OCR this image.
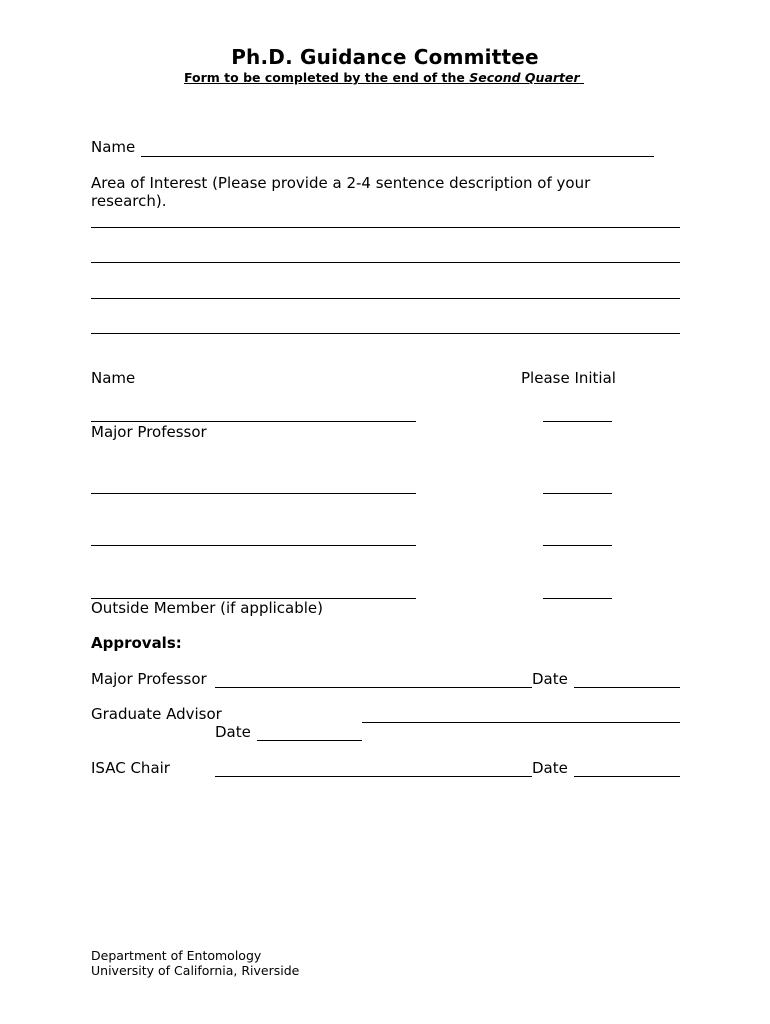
Ph.D. Guidance Committee
Form to be completed by the end of the Second Quarter
Name
Area of Interest (Please provide a 2-4 sentence description of your
research).
Name	Please Initial
Major Professor
Outside Member (if applicable)
Approvals:
Major Professor	Date
Graduate Advisor
Date
ISAC Chair	Date
Department of Entomology
University of California, Riverside
